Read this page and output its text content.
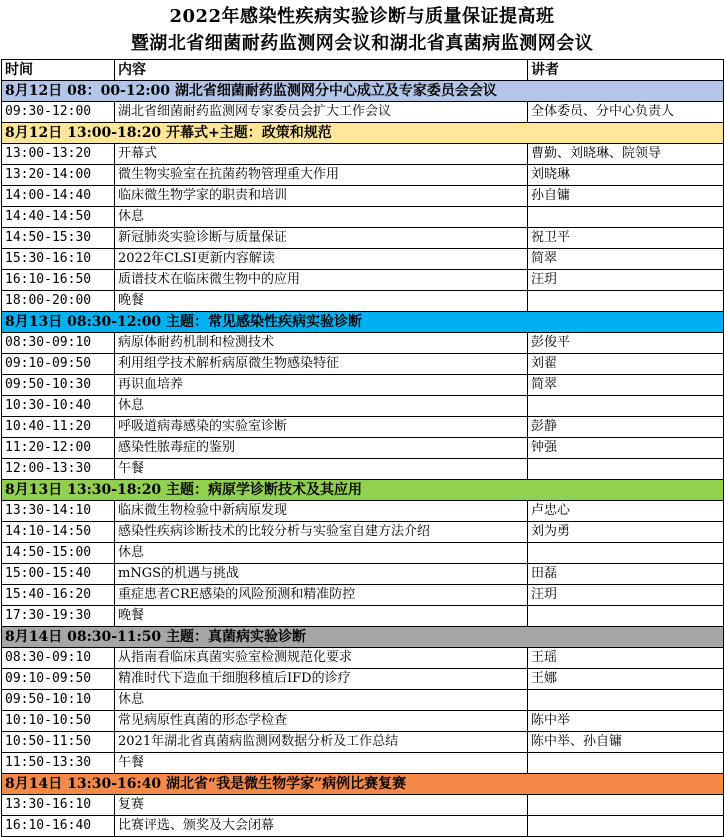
2022年感染性疾病实验诊断与质量保证提高班
暨湖北省细菌耐药监测网会议和湖北省真菌病监测网会议
时间	内容	讲者
8月12日 08：00-12:00 湖北省细菌耐药监测网分中心成立及专家委员会会议		
09:30-12:00	湖北省细菌耐药监测网专家委员会扩大工作会议	全体委员、分中心负责人
8月12日 13:00-18:20 开幕式+主题：政策和规范		
13:00-13:20	开幕式	曹勤、刘晓琳、院领导
13:20-14:00	微生物实验室在抗菌药物管理重大作用	刘晓琳
14:00-14:40	临床微生物学家的职责和培训	孙自镛
14:40-14:50	休息	
14:50-15:30	新冠肺炎实验诊断与质量保证	祝卫平
15:30-16:10	2022年CLSI更新内容解读	简翠
16:10-16:50	质谱技术在临床微生物中的应用	汪玥
18:00-20:00	晚餐	
8月13日 08:30-12:00 主题：常见感染性疾病实验诊断		
08:30-09:10	病原体耐药机制和检测技术	彭俊平
09:10-09:50	利用组学技术解析病原微生物感染特征	刘翟
09:50-10:30	再识血培养	简翠
10:30-10:40	休息	
10:40-11:20	呼吸道病毒感染的实验室诊断	彭静
11:20-12:00	感染性脓毒症的鉴别	钟强
12:00-13:30	午餐	
8月13日 13:30-18:20 主题：病原学诊断技术及其应用		
13:30-14:10	临床微生物检验中新病原发现	卢忠心
14:10-14:50	感染性疾病诊断技术的比较分析与实验室自建方法介绍	刘为勇
14:50-15:00	休息	
15:00-15:40	mNGS的机遇与挑战	田磊
15:40-16:20	重症患者CRE感染的风险预测和精准防控	汪玥
17:30-19:30	晚餐	
8月14日 08:30-11:50 主题：真菌病实验诊断		
08:30-09:10	从指南看临床真菌实验室检测规范化要求	王瑶
09:10-09:50	精准时代下造血干细胞移植后IFD的诊疗	王娜
09:50-10:10	休息	
10:10-10:50	常见病原性真菌的形态学检查	陈中举
10:50-11:50	2021年湖北省真菌病监测网数据分析及工作总结	陈中举、孙自镛
11:50-13:30	午餐	
8月14日 13:30-16:40 湖北省“我是微生物学家”病例比赛复赛		
13:30-16:10	复赛	
16:10-16:40	比赛评选、颁奖及大会闭幕	
